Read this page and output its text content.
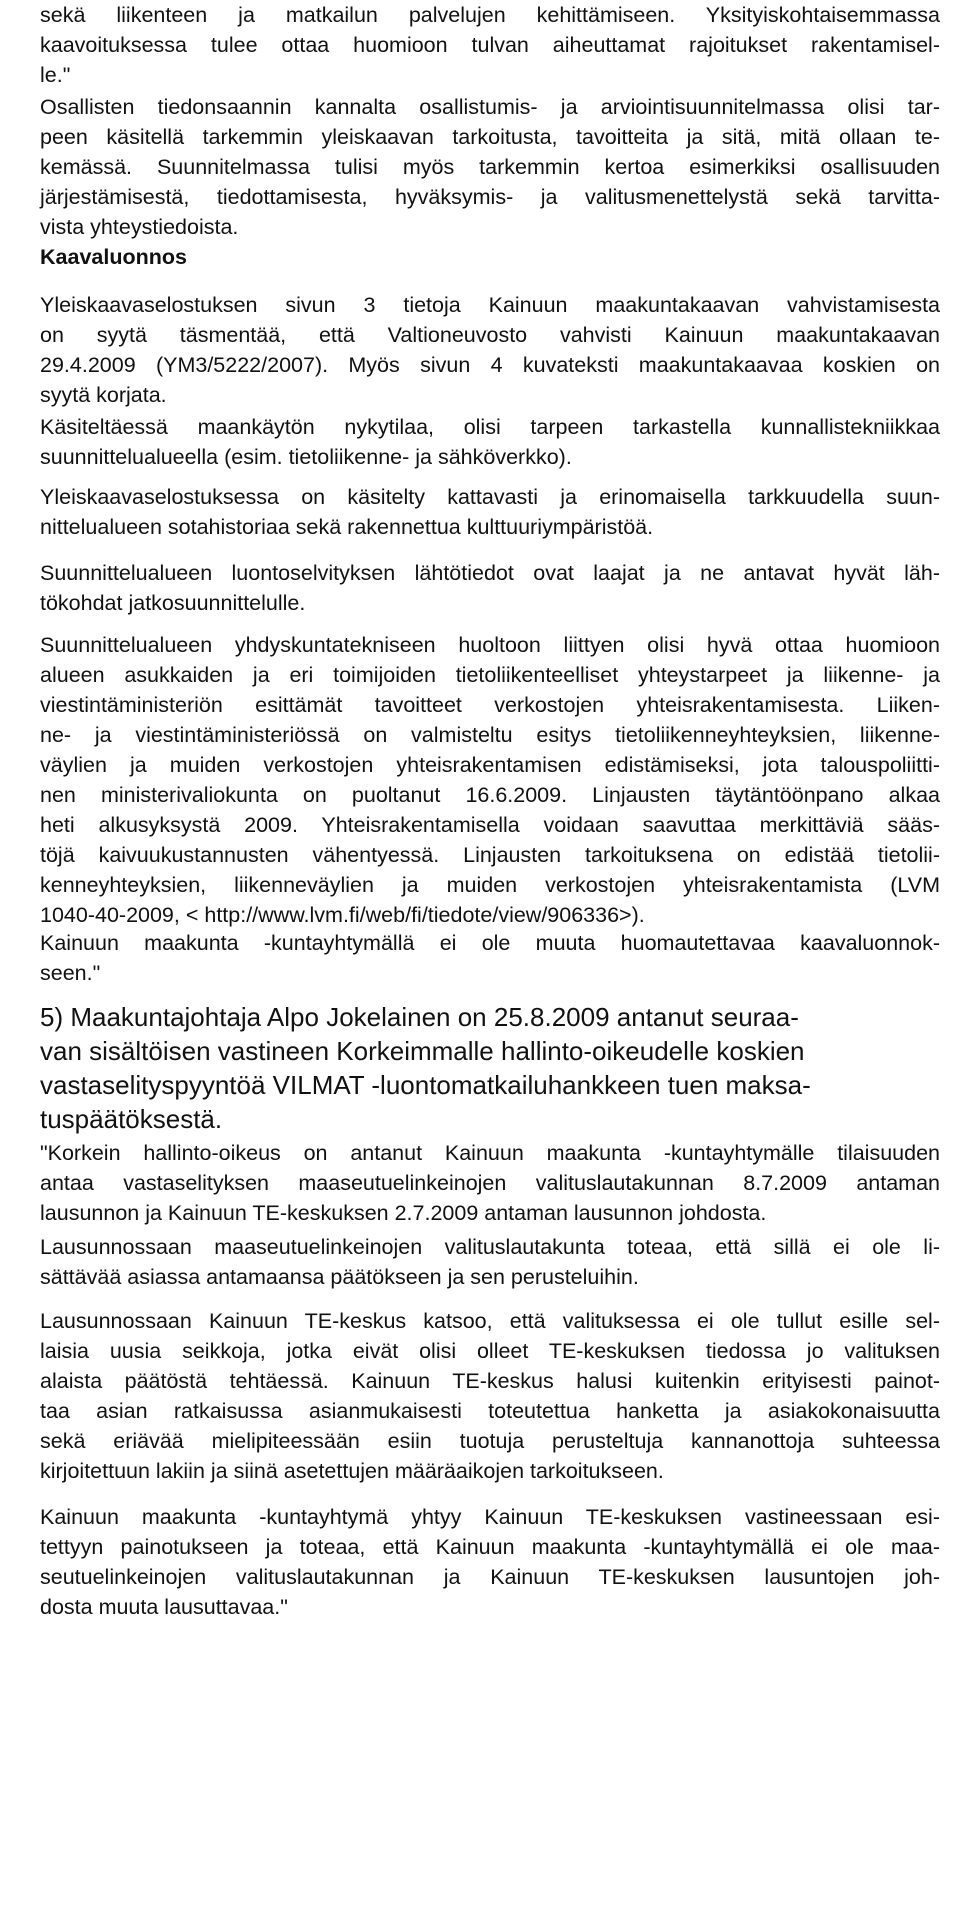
sekä liikenteen ja matkailun palvelujen kehittämiseen. Yksityiskohtaisemmassa
kaavoituksessa tulee ottaa huomioon tulvan aiheuttamat rajoitukset rakentamisel-
le."
Osallisten tiedonsaannin kannalta osallistumis- ja arviointisuunnitelmassa olisi tar-
peen käsitellä tarkemmin yleiskaavan tarkoitusta, tavoitteita ja sitä, mitä ollaan te-
kemässä. Suunnitelmassa tulisi myös tarkemmin kertoa esimerkiksi osallisuuden
järjestämisestä, tiedottamisesta, hyväksymis- ja valitusmenettelystä sekä tarvitta-
vista yhteystiedoista.
Kaavaluonnos
Yleiskaavaselostuksen sivun 3 tietoja Kainuun maakuntakaavan vahvistamisesta
on syytä täsmentää, että Valtioneuvosto vahvisti Kainuun maakuntakaavan
29.4.2009 (YM3/5222/2007). Myös sivun 4 kuvateksti maakuntakaavaa koskien on
syytä korjata.
Käsiteltäessä maankäytön nykytilaa, olisi tarpeen tarkastella kunnallistekniikkaa
suunnittelualueella (esim. tietoliikenne- ja sähköverkko).
Yleiskaavaselostuksessa on käsitelty kattavasti ja erinomaisella tarkkuudella suun-
nittelualueen sotahistoriaa sekä rakennettua kulttuuriympäristöä.
Suunnittelualueen luontoselvityksen lähtötiedot ovat laajat ja ne antavat hyvät läh-
tökohdat jatkosuunnittelulle.
Suunnittelualueen yhdyskuntatekniseen huoltoon liittyen olisi hyvä ottaa huomioon
alueen asukkaiden ja eri toimijoiden tietoliikenteelliset yhteystarpeet ja liikenne- ja
viestintäministeriön esittämät tavoitteet verkostojen yhteisrakentamisesta. Liiken-
ne- ja viestintäministeriössä on valmisteltu esitys tietoliikenneyhteyksien, liikenne-
väylien ja muiden verkostojen yhteisrakentamisen edistämiseksi, jota talouspoliitti-
nen ministerivaliokunta on puoltanut 16.6.2009. Linjausten täytäntöönpano alkaa
heti alkusyksystä 2009. Yhteisrakentamisella voidaan saavuttaa merkittäviä sääs-
töjä kaivuukustannusten vähentyessä. Linjausten tarkoituksena on edistää tietolii-
kenneyhteyksien, liikenneväylien ja muiden verkostojen yhteisrakentamista (LVM
1040-40-2009, < http://www.lvm.fi/web/fi/tiedote/view/906336>).
Kainuun maakunta -kuntayhtymällä ei ole muuta huomautettavaa kaavaluonnok-
seen."
5) Maakuntajohtaja Alpo Jokelainen on 25.8.2009 antanut seuraa-
van sisältöisen vastineen Korkeimmalle hallinto-oikeudelle koskien
vastaselityspyyntöä VILMAT -luontomatkailuhankkeen tuen maksa-
tuspäätöksestä.
"Korkein hallinto-oikeus on antanut Kainuun maakunta -kuntayhtymälle tilaisuuden
antaa vastaselityksen maaseutuelinkeinojen valituslautakunnan 8.7.2009 antaman
lausunnon ja Kainuun TE-keskuksen 2.7.2009 antaman lausunnon johdosta.
Lausunnossaan maaseutuelinkeinojen valituslautakunta toteaa, että sillä ei ole li-
sättävää asiassa antamaansa päätökseen ja sen perusteluihin.
Lausunnossaan Kainuun TE-keskus katsoo, että valituksessa ei ole tullut esille sel-
laisia uusia seikkoja, jotka eivät olisi olleet TE-keskuksen tiedossa jo valituksen
alaista päätöstä tehtäessä. Kainuun TE-keskus halusi kuitenkin erityisesti painot-
taa asian ratkaisussa asianmukaisesti toteutettua hanketta ja asiakokonaisuutta
sekä eriävää mielipiteessään esiin tuotuja perusteltuja kannanottoja suhteessa
kirjoitettuun lakiin ja siinä asetettujen määräaikojen tarkoitukseen.
Kainuun maakunta -kuntayhtymä yhtyy Kainuun TE-keskuksen vastineessaan esi-
tettyyn painotukseen ja toteaa, että Kainuun maakunta -kuntayhtymällä ei ole maa-
seutuelinkeinojen valituslautakunnan ja Kainuun TE-keskuksen lausuntojen joh-
dosta muuta lausuttavaa."
